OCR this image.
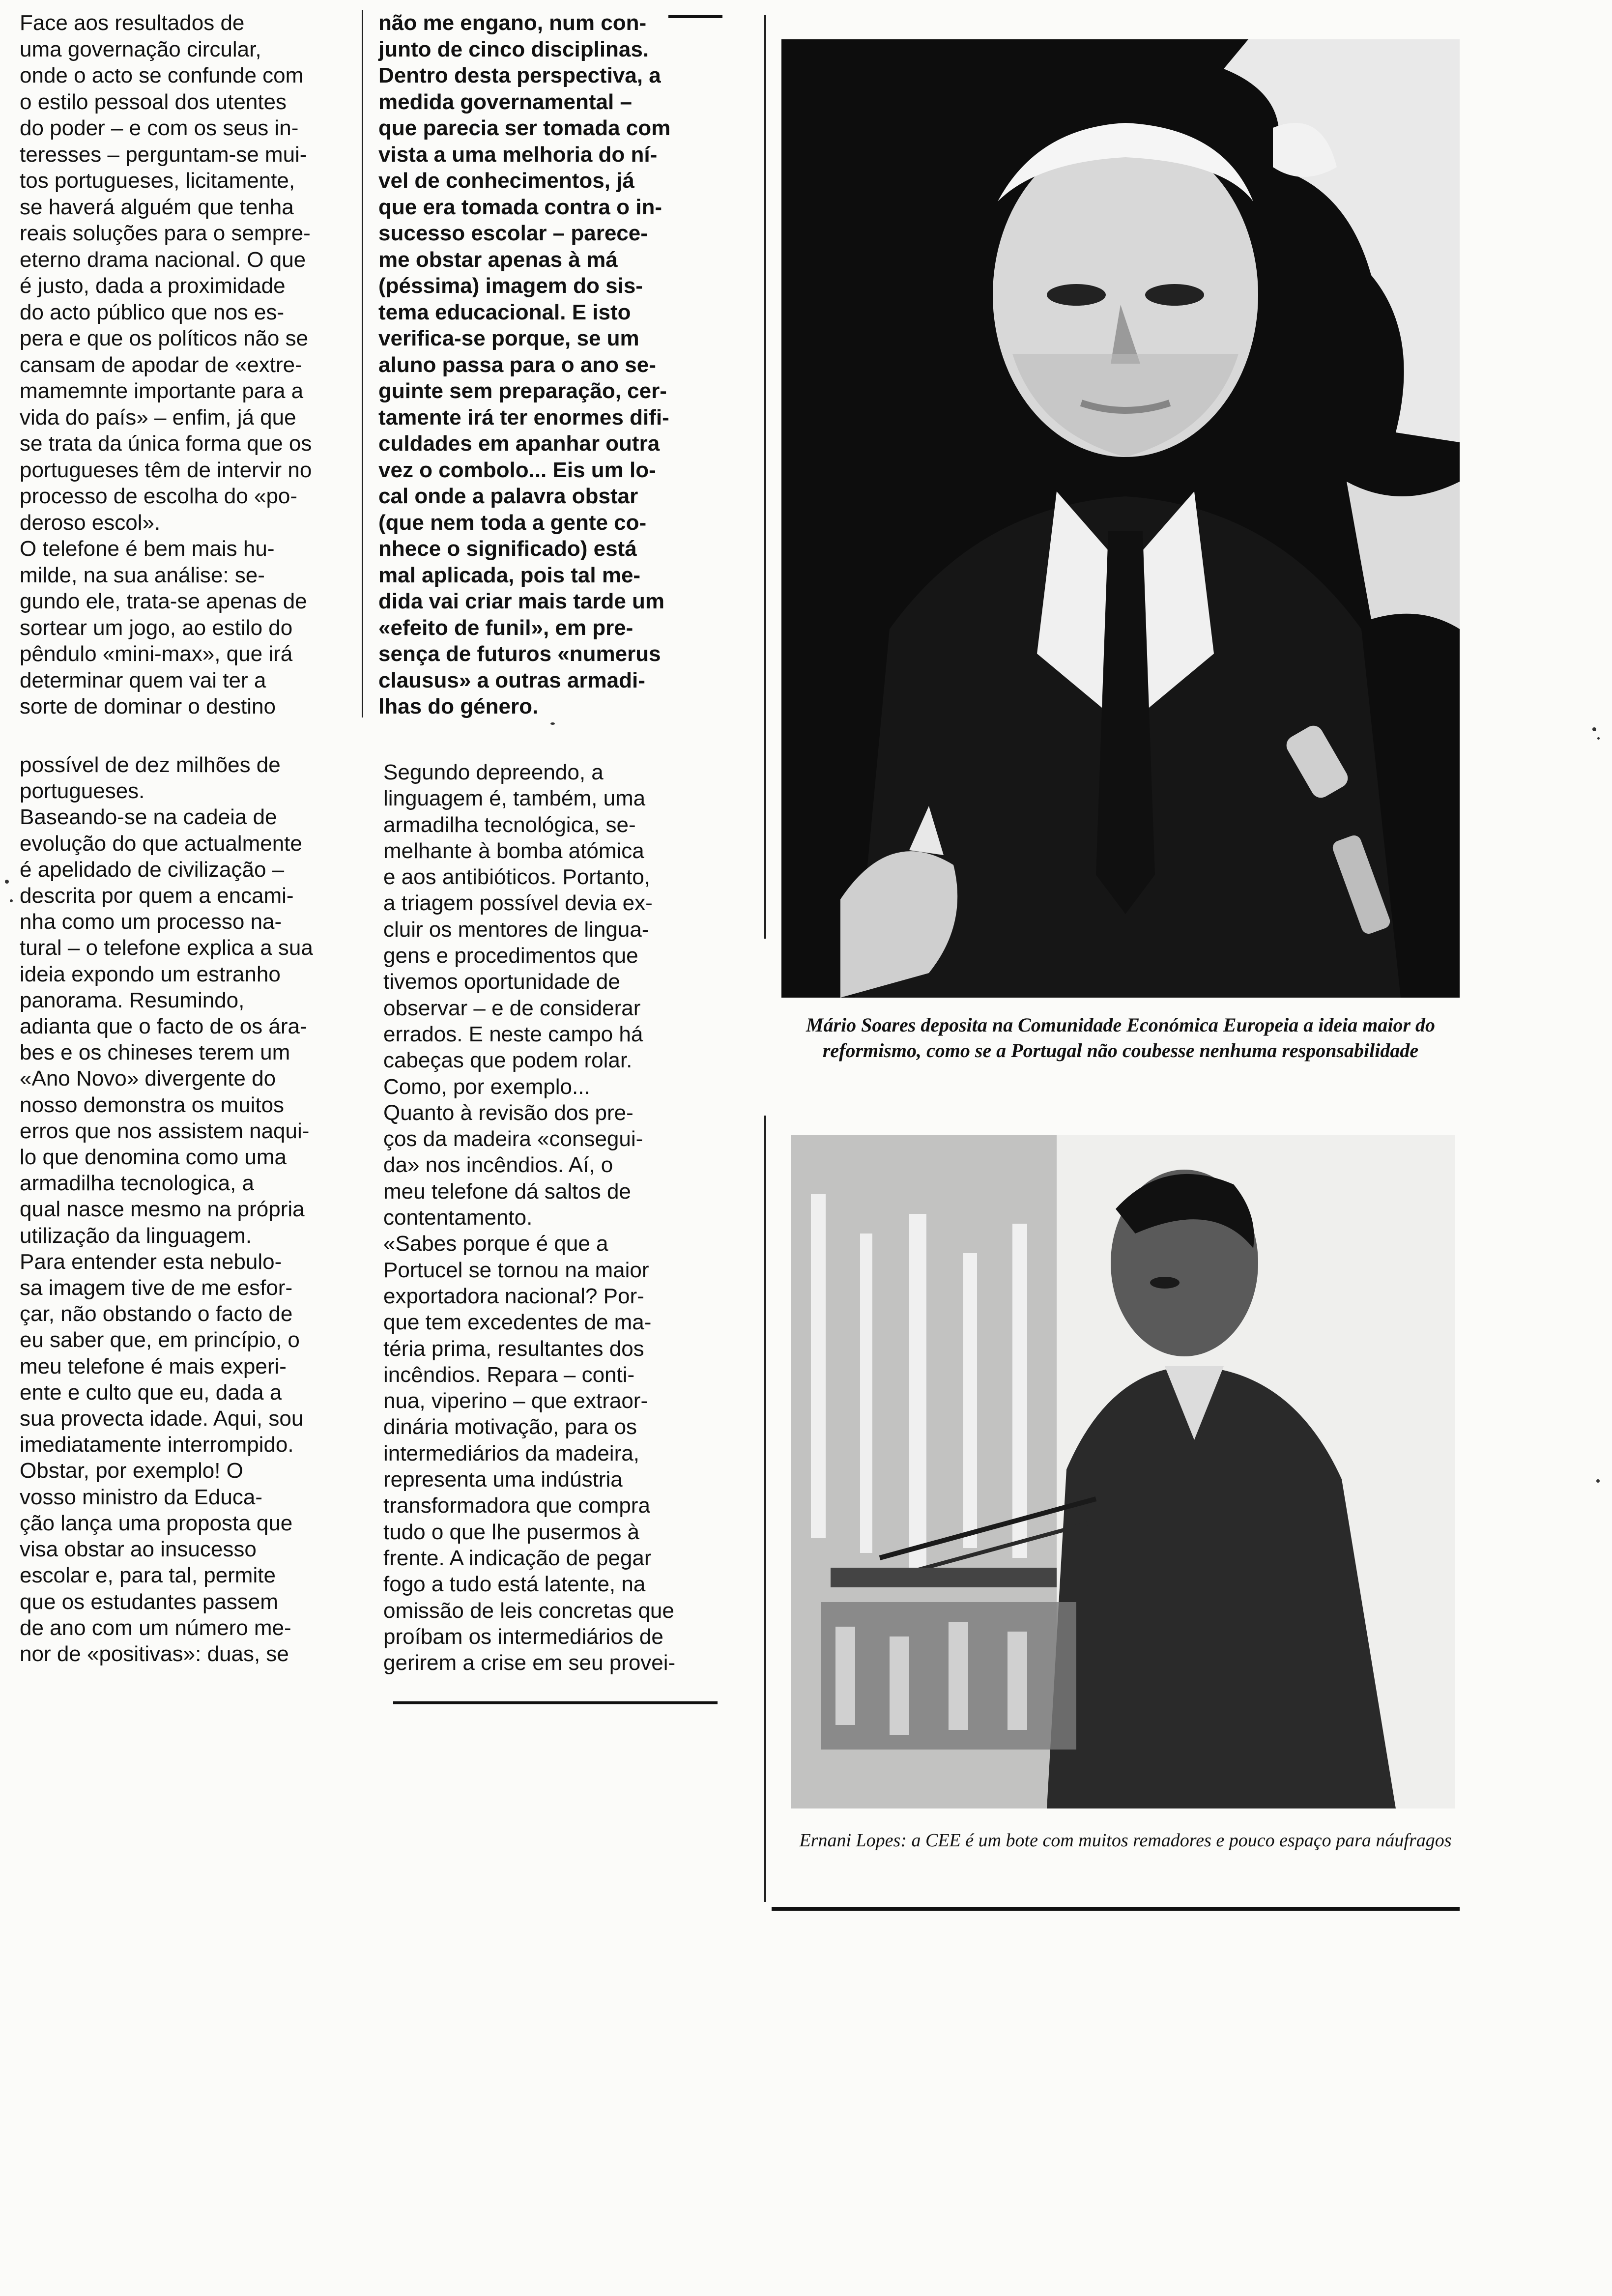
Face aos resultados de
uma governação circular,
onde o acto se confunde com
o estilo pessoal dos utentes
do poder – e com os seus in-
teresses – perguntam-se mui-
tos portugueses, licitamente,
se haverá alguém que tenha
reais soluções para o sempre-
eterno drama nacional. O que
é justo, dada a proximidade
do acto público que nos es-
pera e que os políticos não se
cansam de apodar de «extre-
mamemnte importante para a
vida do país» – enfim, já que
se trata da única forma que os
portugueses têm de intervir no
processo de escolha do «po-
deroso escol».
O telefone é bem mais hu-
milde, na sua análise: se-
gundo ele, trata-se apenas de
sortear um jogo, ao estilo do
pêndulo «mini-max», que irá
determinar quem vai ter a
sorte de dominar o destino

não me engano, num con-
junto de cinco disciplinas.
Dentro desta perspectiva, a
medida governamental –
que parecia ser tomada com
vista a uma melhoria do ní-
vel de conhecimentos, já
que era tomada contra o in-
sucesso escolar – parece-
me obstar apenas à má
(péssima) imagem do sis-
tema educacional. E isto
verifica-se porque, se um
aluno passa para o ano se-
guinte sem preparação, cer-
tamente irá ter enormes difi-
culdades em apanhar outra
vez o combolo... Eis um lo-
cal onde a palavra obstar
(que nem toda a gente co-
nhece o significado) está
mal aplicada, pois tal me-
dida vai criar mais tarde um
«efeito de funil», em pre-
sença de futuros «numerus
clausus» a outras armadi-
lhas do género.

possível de dez milhões de
portugueses.
Baseando-se na cadeia de
evolução do que actualmente
é apelidado de civilização –
descrita por quem a encami-
nha como um processo na-
tural – o telefone explica a sua
ideia expondo um estranho
panorama. Resumindo,
adianta que o facto de os ára-
bes e os chineses terem um
«Ano Novo» divergente do
nosso demonstra os muitos
erros que nos assistem naqui-
lo que denomina como uma
armadilha tecnologica, a
qual nasce mesmo na própria
utilização da linguagem.
Para entender esta nebulo-
sa imagem tive de me esfor-
çar, não obstando o facto de
eu saber que, em princípio, o
meu telefone é mais experi-
ente e culto que eu, dada a
sua provecta idade. Aqui, sou
imediatamente interrompido.
Obstar, por exemplo! O
vosso ministro da Educa-
ção lança uma proposta que
visa obstar ao insucesso
escolar e, para tal, permite
que os estudantes passem
de ano com um número me-
nor de «positivas»: duas, se

Segundo depreendo, a
linguagem é, também, uma
armadilha tecnológica, se-
melhante à bomba atómica
e aos antibióticos. Portanto,
a triagem possível devia ex-
cluir os mentores de lingua-
gens e procedimentos que
tivemos oportunidade de
observar – e de considerar
errados. E neste campo há
cabeças que podem rolar.
Como, por exemplo...
Quanto à revisão dos pre-
ços da madeira «consegui-
da» nos incêndios. Aí, o
meu telefone dá saltos de
contentamento.
«Sabes porque é que a
Portucel se tornou na maior
exportadora nacional? Por-
que tem excedentes de ma-
téria prima, resultantes dos
incêndios. Repara – conti-
nua, viperino – que extraor-
dinária motivação, para os
intermediários da madeira,
representa uma indústria
transformadora que compra
tudo o que lhe pusermos à
frente. A indicação de pegar
fogo a tudo está latente, na
omissão de leis concretas que
proíbam os intermediários de
gerirem a crise em seu provei-

Mário Soares deposita na Comunidade Económica Europeia a ideia maior do reformismo, como se a Portugal não coubesse nenhuma responsabilidade
Ernani Lopes: a CEE é um bote com muitos remadores e pouco espaço para náufragos
